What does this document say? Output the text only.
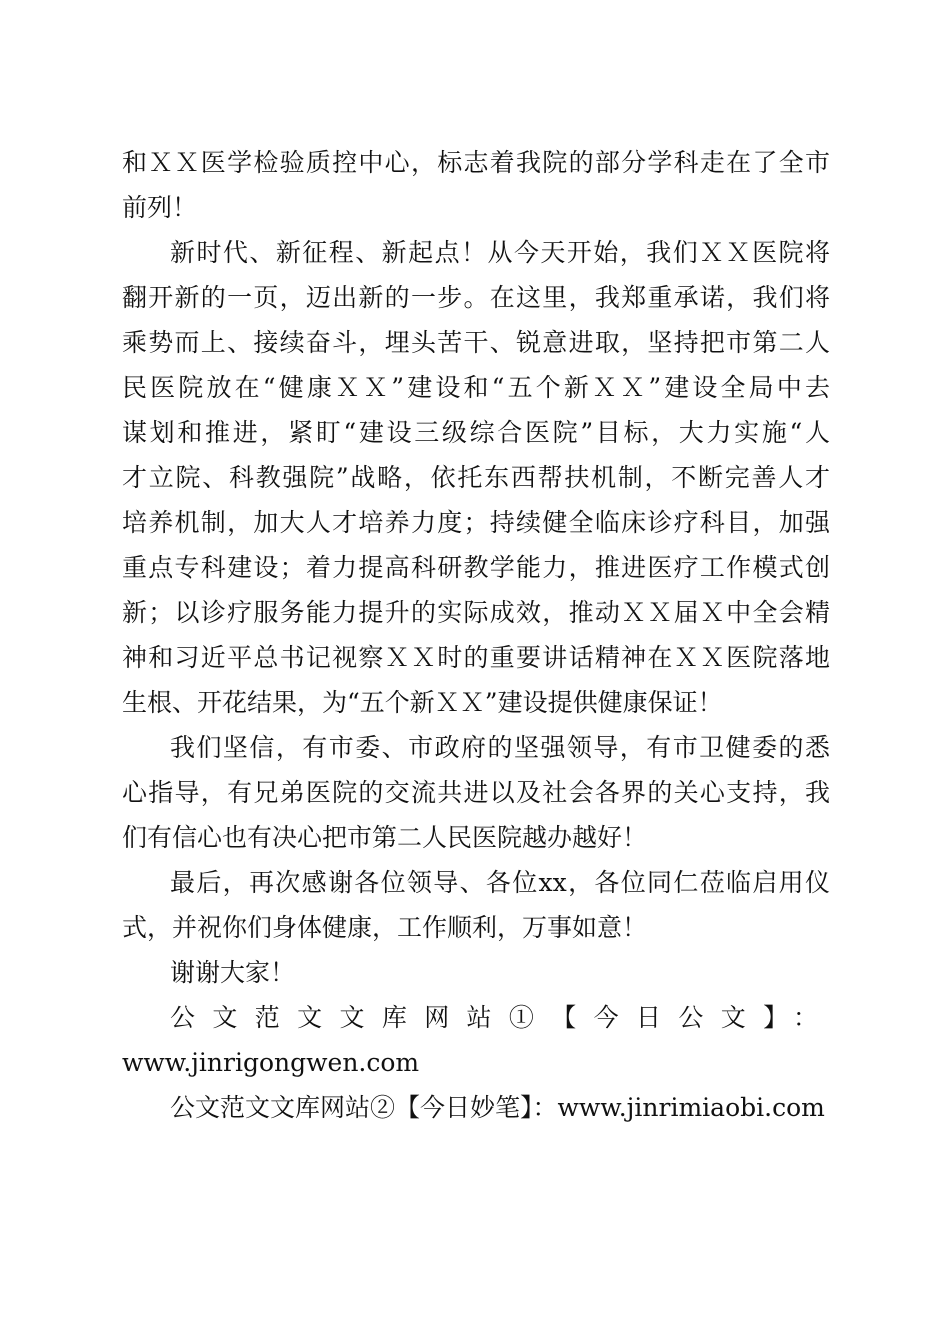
和ＸＸ医学检验质控中心，标志着我院的部分学科走在了全市
前列！
新时代、新征程、新起点！从今天开始，我们ＸＸ医院将
翻开新的一页，迈出新的一步。在这里，我郑重承诺，我们将
乘势而上、接续奋斗，埋头苦干、锐意进取，坚持把市第二人
民医院放在“健康ＸＸ”建设和“五个新ＸＸ”建设全局中去
谋划和推进，紧盯“建设三级综合医院”目标，大力实施“人
才立院、科教强院”战略，依托东西帮扶机制，不断完善人才
培养机制，加大人才培养力度；持续健全临床诊疗科目，加强
重点专科建设；着力提高科研教学能力，推进医疗工作模式创
新；以诊疗服务能力提升的实际成效，推动ＸＸ届Ｘ中全会精
神和习近平总书记视察ＸＸ时的重要讲话精神在ＸＸ医院落地
生根、开花结果，为“五个新ＸＸ”建设提供健康保证！
我们坚信，有市委、市政府的坚强领导，有市卫健委的悉
心指导，有兄弟医院的交流共进以及社会各界的关心支持，我
们有信心也有决心把市第二人民医院越办越好！
最后，再次感谢各位领导、各位xx，各位同仁莅临启用仪
式，并祝你们身体健康，工作顺利，万事如意！
谢谢大家！
公文范文文库网站①【今日公文】：
www.jinrigongwen.com
公文范文文库网站②【今日妙笔】：www.jinrimiaobi.com
